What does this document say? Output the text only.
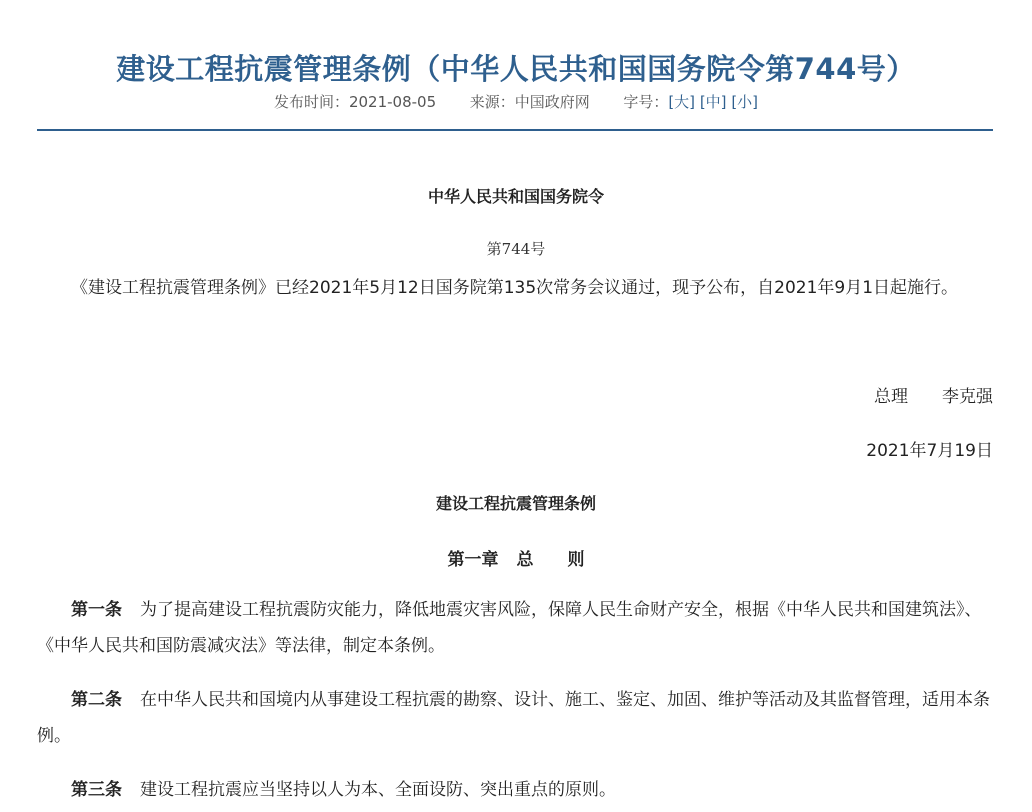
建设工程抗震管理条例（中华人民共和国国务院令第744号）
发布时间：2021-08-05 来源：中国政府网 字号：[大] [中] [小]
中华人民共和国国务院令
第744号

《建设工程抗震管理条例》已经2021年5月12日国务院第135次常务会议通过，现予公布，自2021年9月1日起施行。

总理 李克强
2021年7月19日
建设工程抗震管理条例
第一章 总 则

第一条 为了提高建设工程抗震防灾能力，降低地震灾害风险，保障人民生命财产安全，根据《中华人民共和国建筑法》、《中华人民共和国防震减灾法》等法律，制定本条例。

第二条 在中华人民共和国境内从事建设工程抗震的勘察、设计、施工、鉴定、加固、维护等活动及其监督管理，适用本条例。

第三条 建设工程抗震应当坚持以人为本、全面设防、突出重点的原则。
